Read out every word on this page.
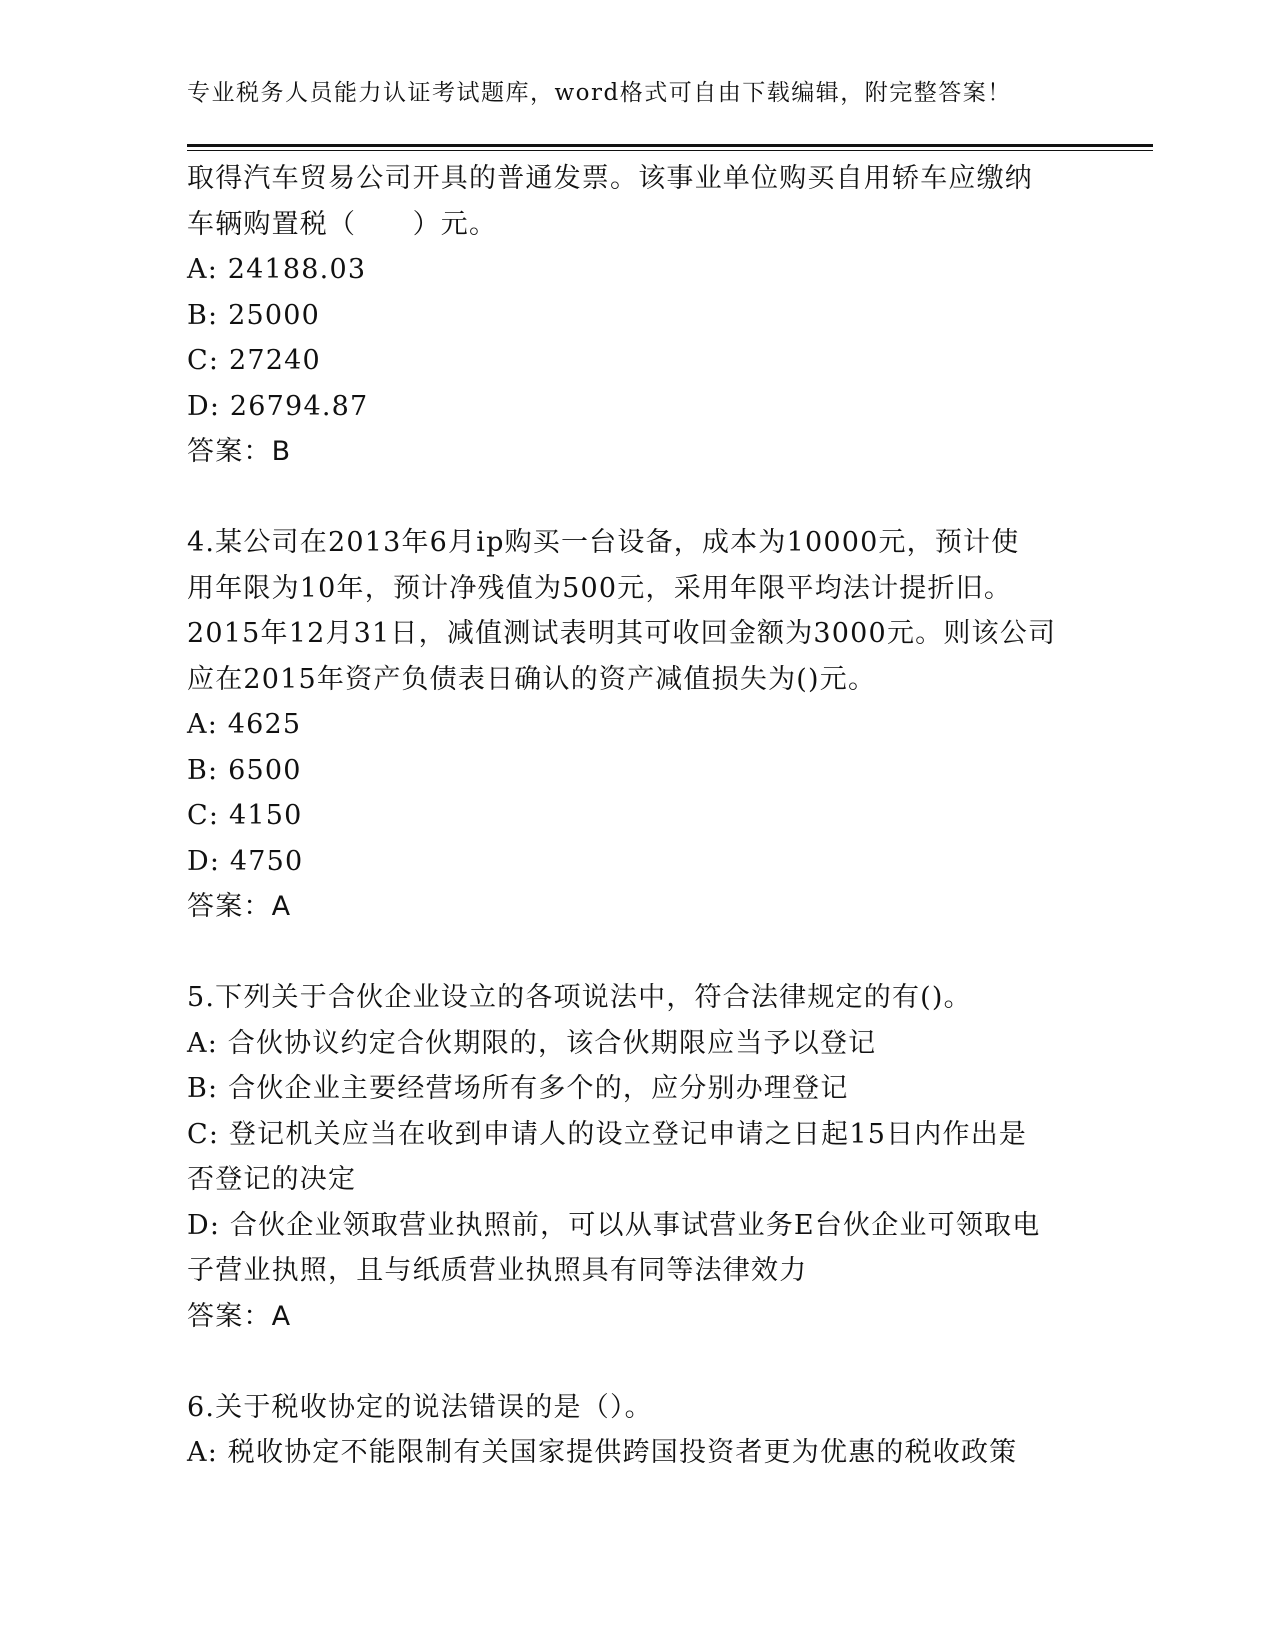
专业税务人员能力认证考试题库，word格式可自由下载编辑，附完整答案！
取得汽车贸易公司开具的普通发票。该事业单位购买自用轿车应缴纳
车辆购置税（　　）元。
A: 24188.03
B: 25000
C: 27240
D: 26794.87
答案：B
4.某公司在2013年6月ip购买一台设备，成本为10000元，预计使
用年限为10年，预计净残值为500元，采用年限平均法计提折旧。
2015年12月31日，减值测试表明其可收回金额为3000元。则该公司
应在2015年资产负债表日确认的资产减值损失为()元。
A: 4625
B: 6500
C: 4150
D: 4750
答案：A
5.下列关于合伙企业设立的各项说法中，符合法律规定的有()。
A: 合伙协议约定合伙期限的，该合伙期限应当予以登记
B: 合伙企业主要经营场所有多个的，应分别办理登记
C: 登记机关应当在收到申请人的设立登记申请之日起15日内作出是
否登记的决定
D: 合伙企业领取营业执照前，可以从事试营业务E台伙企业可领取电
子营业执照，且与纸质营业执照具有同等法律效力
答案：A
6.关于税收协定的说法错误的是（）。
A: 税收协定不能限制有关国家提供跨国投资者更为优惠的税收政策
